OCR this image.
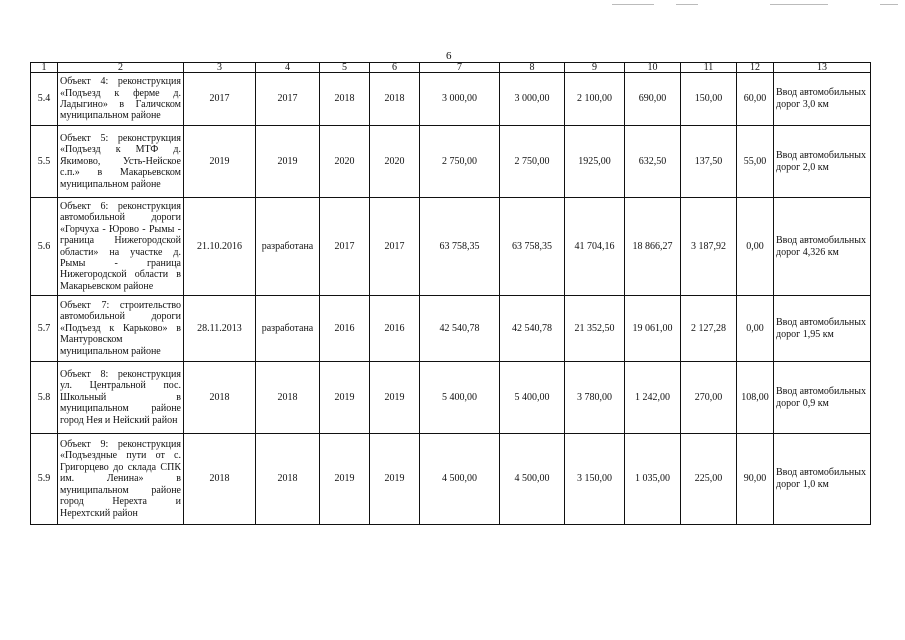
6
1	2	3	4	5	6	7	8	9	10	11	12	13
5.4	Объект 4: реконструкция «Подъезд к ферме д. Ладыгино» в Галичском муниципальном районе	2017	2017	2018	2018	3 000,00	3 000,00	2 100,00	690,00	150,00	60,00	Ввод автомобильных дорог 3,0 км
5.5	Объект 5: реконструкция «Подъезд к МТФ д. Якимово, Усть-Нейское с.п.» в Макарьевском муниципальном районе	2019	2019	2020	2020	2 750,00	2 750,00	1925,00	632,50	137,50	55,00	Ввод автомобильных дорог 2,0 км
5.6	Объект 6: реконструкция автомобильной дороги «Горчуха - Юрово - Рымы - граница Нижегородской области» на участке д. Рымы - граница Нижегородской области в Макарьевском районе	21.10.2016	разработана	2017	2017	63 758,35	63 758,35	41 704,16	18 866,27	3 187,92	0,00	Ввод автомобильных дорог 4,326 км
5.7	Объект 7: строительство автомобильной дороги «Подъезд к Карьково» в Мантуровском муниципальном районе	28.11.2013	разработана	2016	2016	42 540,78	42 540,78	21 352,50	19 061,00	2 127,28	0,00	Ввод автомобильных дорог 1,95 км
5.8	Объект 8: реконструкция ул. Центральной пос. Школьный в муниципальном районе город Нея и Нейский район	2018	2018	2019	2019	5 400,00	5 400,00	3 780,00	1 242,00	270,00	108,00	Ввод автомобильных дорог 0,9 км
5.9	Объект 9: реконструкция «Подъездные пути от с. Григорцево до склада СПК им. Ленина» в муниципальном районе город Нерехта и Нерехтский район	2018	2018	2019	2019	4 500,00	4 500,00	3 150,00	1 035,00	225,00	90,00	Ввод автомобильных дорог 1,0 км
